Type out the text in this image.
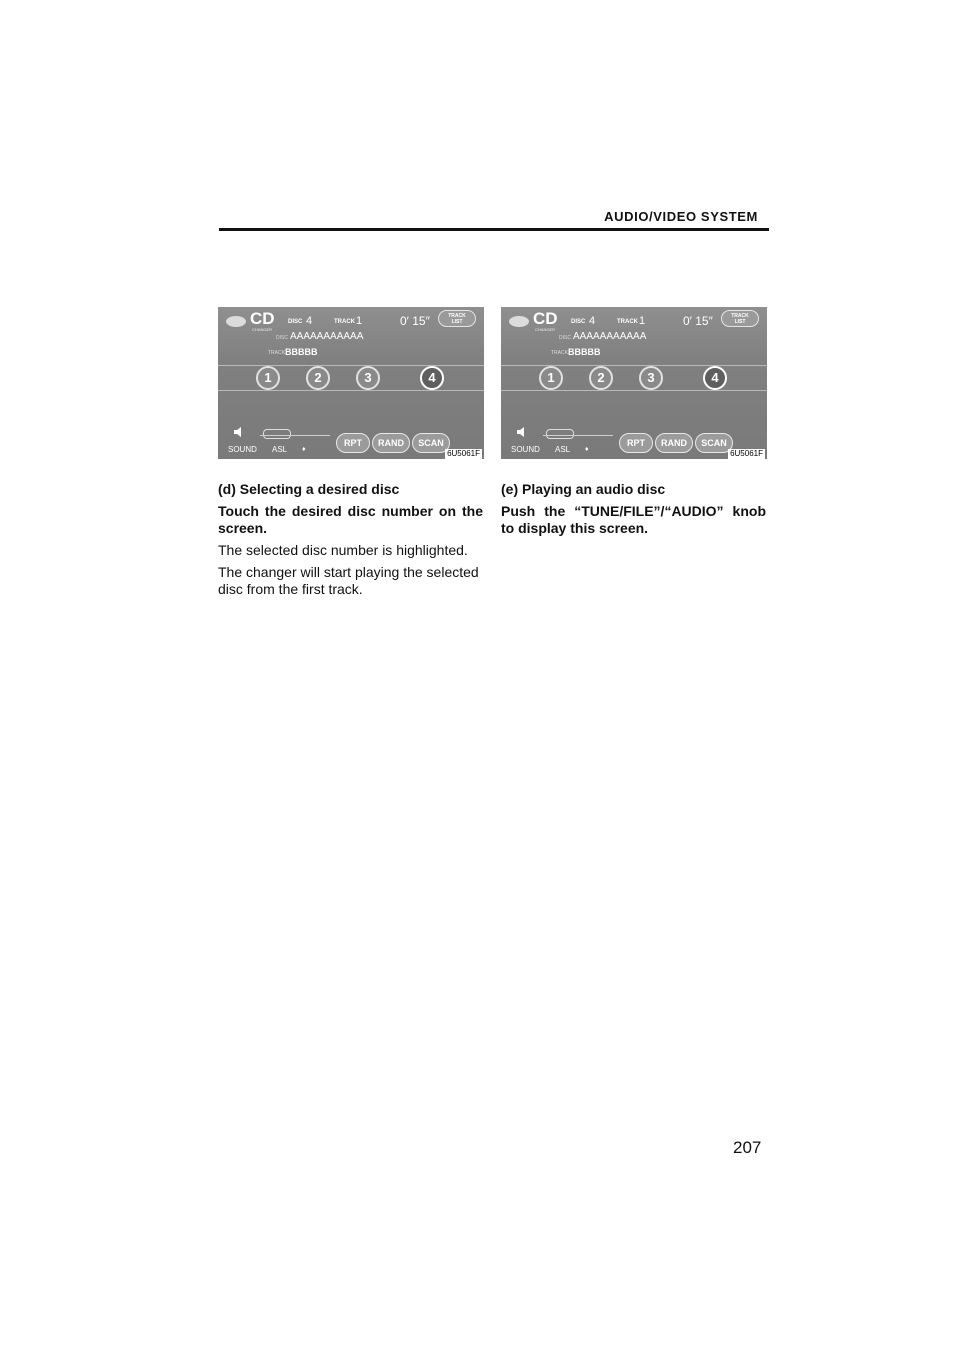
AUDIO/VIDEO SYSTEM
CD
CHANGER
DISC 4	TRACK 1	0′ 15″	TRACK
LIST
DISC AAAAAAAAAAA
TRACK BBBBB
1	2	3	4
SOUND ASL ♦
RPT	RAND	SCAN
6U5061F
CD
CHANGER
DISC 4	TRACK 1	0′ 15″	TRACK
LIST
DISC AAAAAAAAAAA
TRACK BBBBB
1	2	3	4
SOUND ASL ♦
RPT	RAND	SCAN
6U5061F

(d) Selecting a desired disc

Touch the desired disc number on the screen.

The selected disc number is highlighted.

The changer will start playing the selected disc from the first track.

(e) Playing an audio disc

Push the “TUNE/FILE”/“AUDIO” knob to display this screen.

207
